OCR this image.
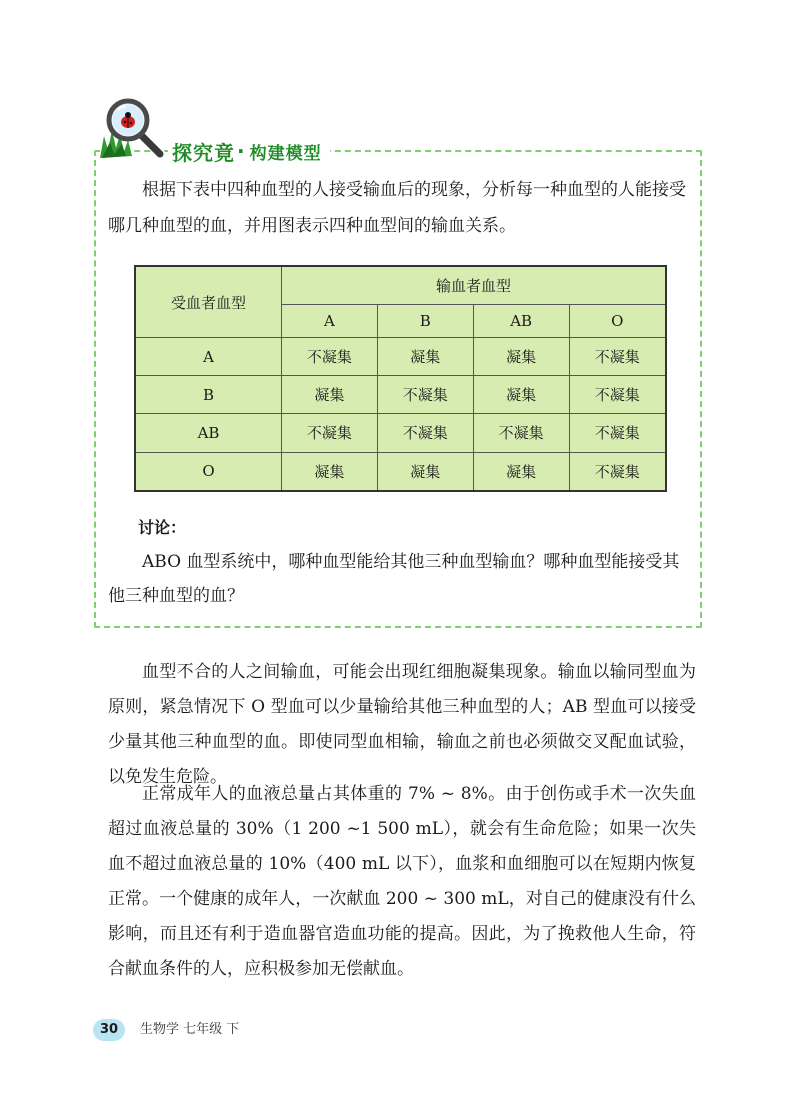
探究竟 · 构建模型

根据下表中四种血型的人接受输血后的现象，分析每一种血型的人能接受哪几种血型的血，并用图表示四种血型间的输血关系。

受血者血型	输血者血型			
	A	B	AB	O
A	不凝集	凝集	凝集	不凝集
B	凝集	不凝集	凝集	不凝集
AB	不凝集	不凝集	不凝集	不凝集
O	凝集	凝集	凝集	不凝集

讨论：

ABO 血型系统中，哪种血型能给其他三种血型输血？哪种血型能接受其他三种血型的血？

血型不合的人之间输血，可能会出现红细胞凝集现象。输血以输同型血为原则，紧急情况下 O 型血可以少量输给其他三种血型的人；AB 型血可以接受少量其他三种血型的血。即使同型血相输，输血之前也必须做交叉配血试验，以免发生危险。

正常成年人的血液总量占其体重的 7% ~ 8%。由于创伤或手术一次失血超过血液总量的 30%（1 200 ~1 500 mL），就会有生命危险；如果一次失血不超过血液总量的 10%（400 mL 以下），血浆和血细胞可以在短期内恢复正常。一个健康的成年人，一次献血 200 ~ 300 mL，对自己的健康没有什么影响，而且还有利于造血器官造血功能的提高。因此，为了挽救他人生命，符合献血条件的人，应积极参加无偿献血。

30	生物学 七年级 下
